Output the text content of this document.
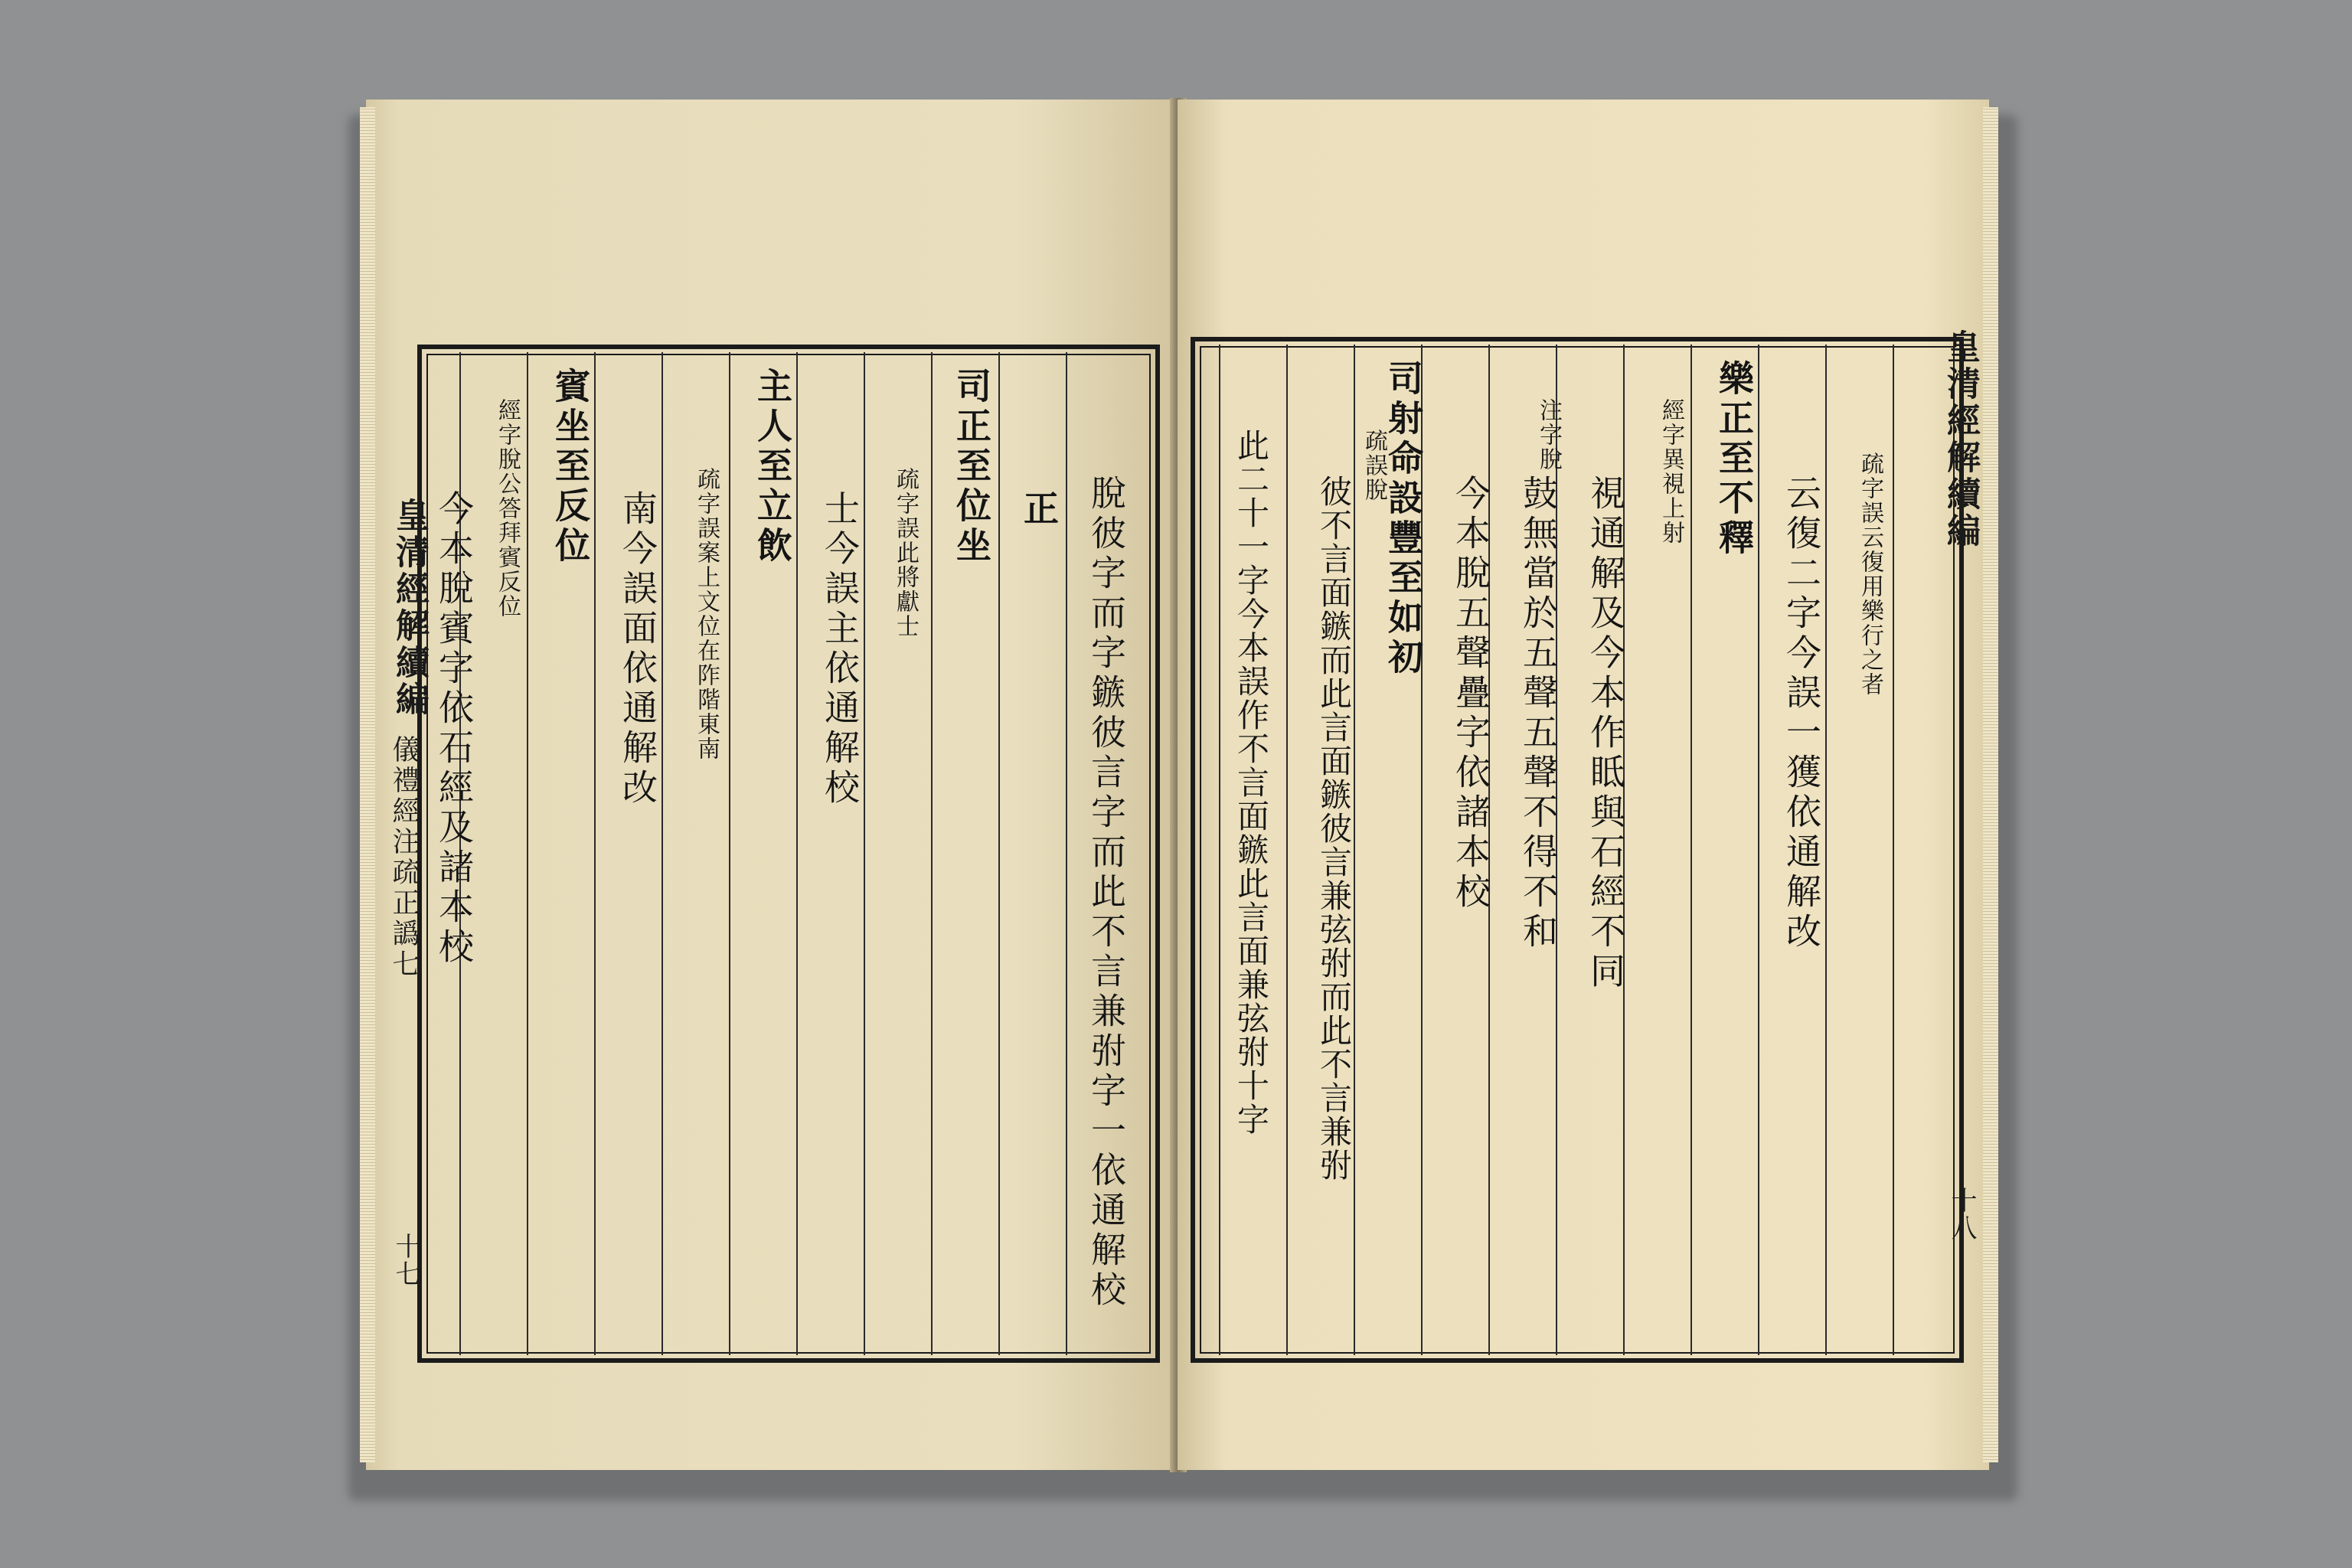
皇清經解續編
儀禮經注疏正譌七
十七	脫彼字而字鏃彼言字而此不言兼弣字一依通解校
正
司正至位坐
疏字誤此將獻士
士今誤主依通解校
主人至立飲
疏字誤案上文位在阼階東南
南今誤面依通解改
賓坐至反位
經字脫公答拜賓反位
今本脫賓字依石經及諸本校
皇清經解續編
十八
疏字誤云復用樂行之者
云復二字今誤一獲依通解改
樂正至不釋
經字異視上射
視通解及今本作眡與石經不同
注字脫
鼓無當於五聲五聲不得不和
今本脫五聲疊字依諸本校
司射命設豐至如初
疏誤脫
彼不言面鏃而此言面鏃彼言兼弦弣而此不言兼弣
此二十一字今本誤作不言面鏃此言面兼弦弣十字
